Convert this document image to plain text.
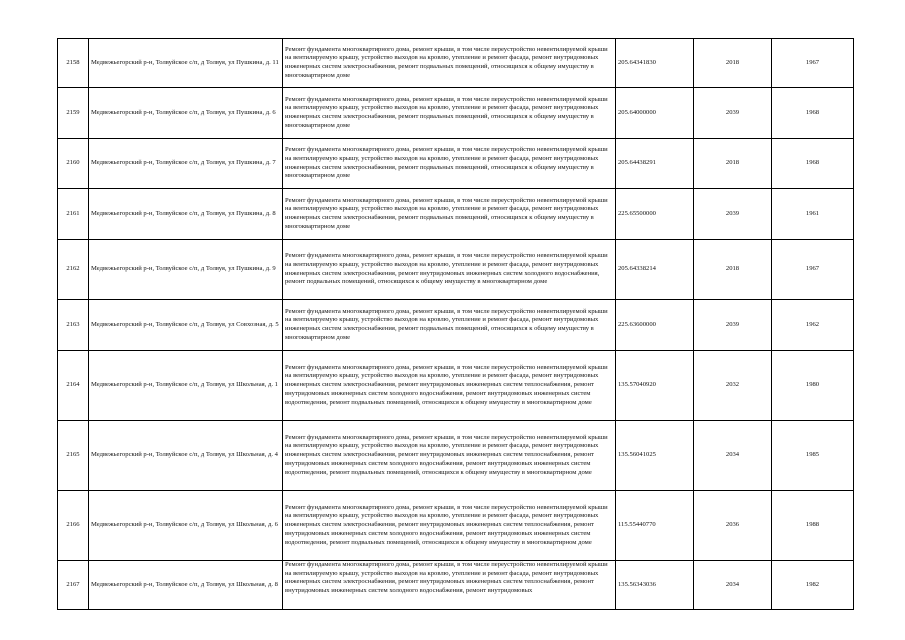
2158	Медвежьегорский р-н, Толвуйское с/п, д Толвуя, ул Пушкина, д. 11	Ремонт фундамента многоквартирного дома, ремонт крыши, в том числе переустройство невентилируемой крыши на вентилируемую крышу, устройство выходов на кровлю, утепление и ремонт фасада, ремонт внутридомовых инженерных систем электроснабжения, ремонт подвальных помещений, относящихся к общему имуществу в многоквартирном доме	205.64341830	2018	1967
2159	Медвежьегорский р-н, Толвуйское с/п, д Толвуя, ул Пушкина, д. 6	Ремонт фундамента многоквартирного дома, ремонт крыши, в том числе переустройство невентилируемой крыши на вентилируемую крышу, устройство выходов на кровлю, утепление и ремонт фасада, ремонт внутридомовых инженерных систем электроснабжения, ремонт подвальных помещений, относящихся к общему имуществу в многоквартирном доме	205.64000000	2039	1968
2160	Медвежьегорский р-н, Толвуйское с/п, д Толвуя, ул Пушкина, д. 7	Ремонт фундамента многоквартирного дома, ремонт крыши, в том числе переустройство невентилируемой крыши на вентилируемую крышу, устройство выходов на кровлю, утепление и ремонт фасада, ремонт внутридомовых инженерных систем электроснабжения, ремонт подвальных помещений, относящихся к общему имуществу в многоквартирном доме	205.64438291	2018	1968
2161	Медвежьегорский р-н, Толвуйское с/п, д Толвуя, ул Пушкина, д. 8	Ремонт фундамента многоквартирного дома, ремонт крыши, в том числе переустройство невентилируемой крыши на вентилируемую крышу, устройство выходов на кровлю, утепление и ремонт фасада, ремонт внутридомовых инженерных систем электроснабжения, ремонт подвальных помещений, относящихся к общему имуществу в многоквартирном доме	225.65500000	2039	1961
2162	Медвежьегорский р-н, Толвуйское с/п, д Толвуя, ул Пушкина, д. 9	Ремонт фундамента многоквартирного дома, ремонт крыши, в том числе переустройство невентилируемой крыши на вентилируемую крышу, устройство выходов на кровлю, утепление и ремонт фасада, ремонт внутридомовых инженерных систем электроснабжения, ремонт внутридомовых инженерных систем холодного водоснабжения, ремонт подвальных помещений, относящихся к общему имуществу в многоквартирном доме	205.64338214	2018	1967
2163	Медвежьегорский р-н, Толвуйское с/п, д Толвуя, ул Совхозная, д. 5	Ремонт фундамента многоквартирного дома, ремонт крыши, в том числе переустройство невентилируемой крыши на вентилируемую крышу, устройство выходов на кровлю, утепление и ремонт фасада, ремонт внутридомовых инженерных систем электроснабжения, ремонт подвальных помещений, относящихся к общему имуществу в многоквартирном доме	225.63600000	2039	1962
2164	Медвежьегорский р-н, Толвуйское с/п, д Толвуя, ул Школьная, д. 1	Ремонт фундамента многоквартирного дома, ремонт крыши, в том числе переустройство невентилируемой крыши на вентилируемую крышу, устройство выходов на кровлю, утепление и ремонт фасада, ремонт внутридомовых инженерных систем электроснабжения, ремонт внутридомовых инженерных систем теплоснабжения, ремонт внутридомовых инженерных систем холодного водоснабжения, ремонт внутридомовых инженерных систем водоотведения, ремонт подвальных помещений, относящихся к общему имуществу в многоквартирном доме	135.57040920	2032	1980
2165	Медвежьегорский р-н, Толвуйское с/п, д Толвуя, ул Школьная, д. 4	Ремонт фундамента многоквартирного дома, ремонт крыши, в том числе переустройство невентилируемой крыши на вентилируемую крышу, устройство выходов на кровлю, утепление и ремонт фасада, ремонт внутридомовых инженерных систем электроснабжения, ремонт внутридомовых инженерных систем теплоснабжения, ремонт внутридомовых инженерных систем холодного водоснабжения, ремонт внутридомовых инженерных систем водоотведения, ремонт подвальных помещений, относящихся к общему имуществу в многоквартирном доме	135.56041025	2034	1985
2166	Медвежьегорский р-н, Толвуйское с/п, д Толвуя, ул Школьная, д. 6	Ремонт фундамента многоквартирного дома, ремонт крыши, в том числе переустройство невентилируемой крыши на вентилируемую крышу, устройство выходов на кровлю, утепление и ремонт фасада, ремонт внутридомовых инженерных систем электроснабжения, ремонт внутридомовых инженерных систем теплоснабжения, ремонт внутридомовых инженерных систем холодного водоснабжения, ремонт внутридомовых инженерных систем водоотведения, ремонт подвальных помещений, относящихся к общему имуществу в многоквартирном доме	115.55440770	2036	1988
2167	Медвежьегорский р-н, Толвуйское с/п, д Толвуя, ул Школьная, д. 8	Ремонт фундамента многоквартирного дома, ремонт крыши, в том числе переустройство невентилируемой крыши на вентилируемую крышу, устройство выходов на кровлю, утепление и ремонт фасада, ремонт внутридомовых инженерных систем электроснабжения, ремонт внутридомовых инженерных систем теплоснабжения, ремонт внутридомовых инженерных систем холодного водоснабжения, ремонт внутридомовых	135.56343036	2034	1982
